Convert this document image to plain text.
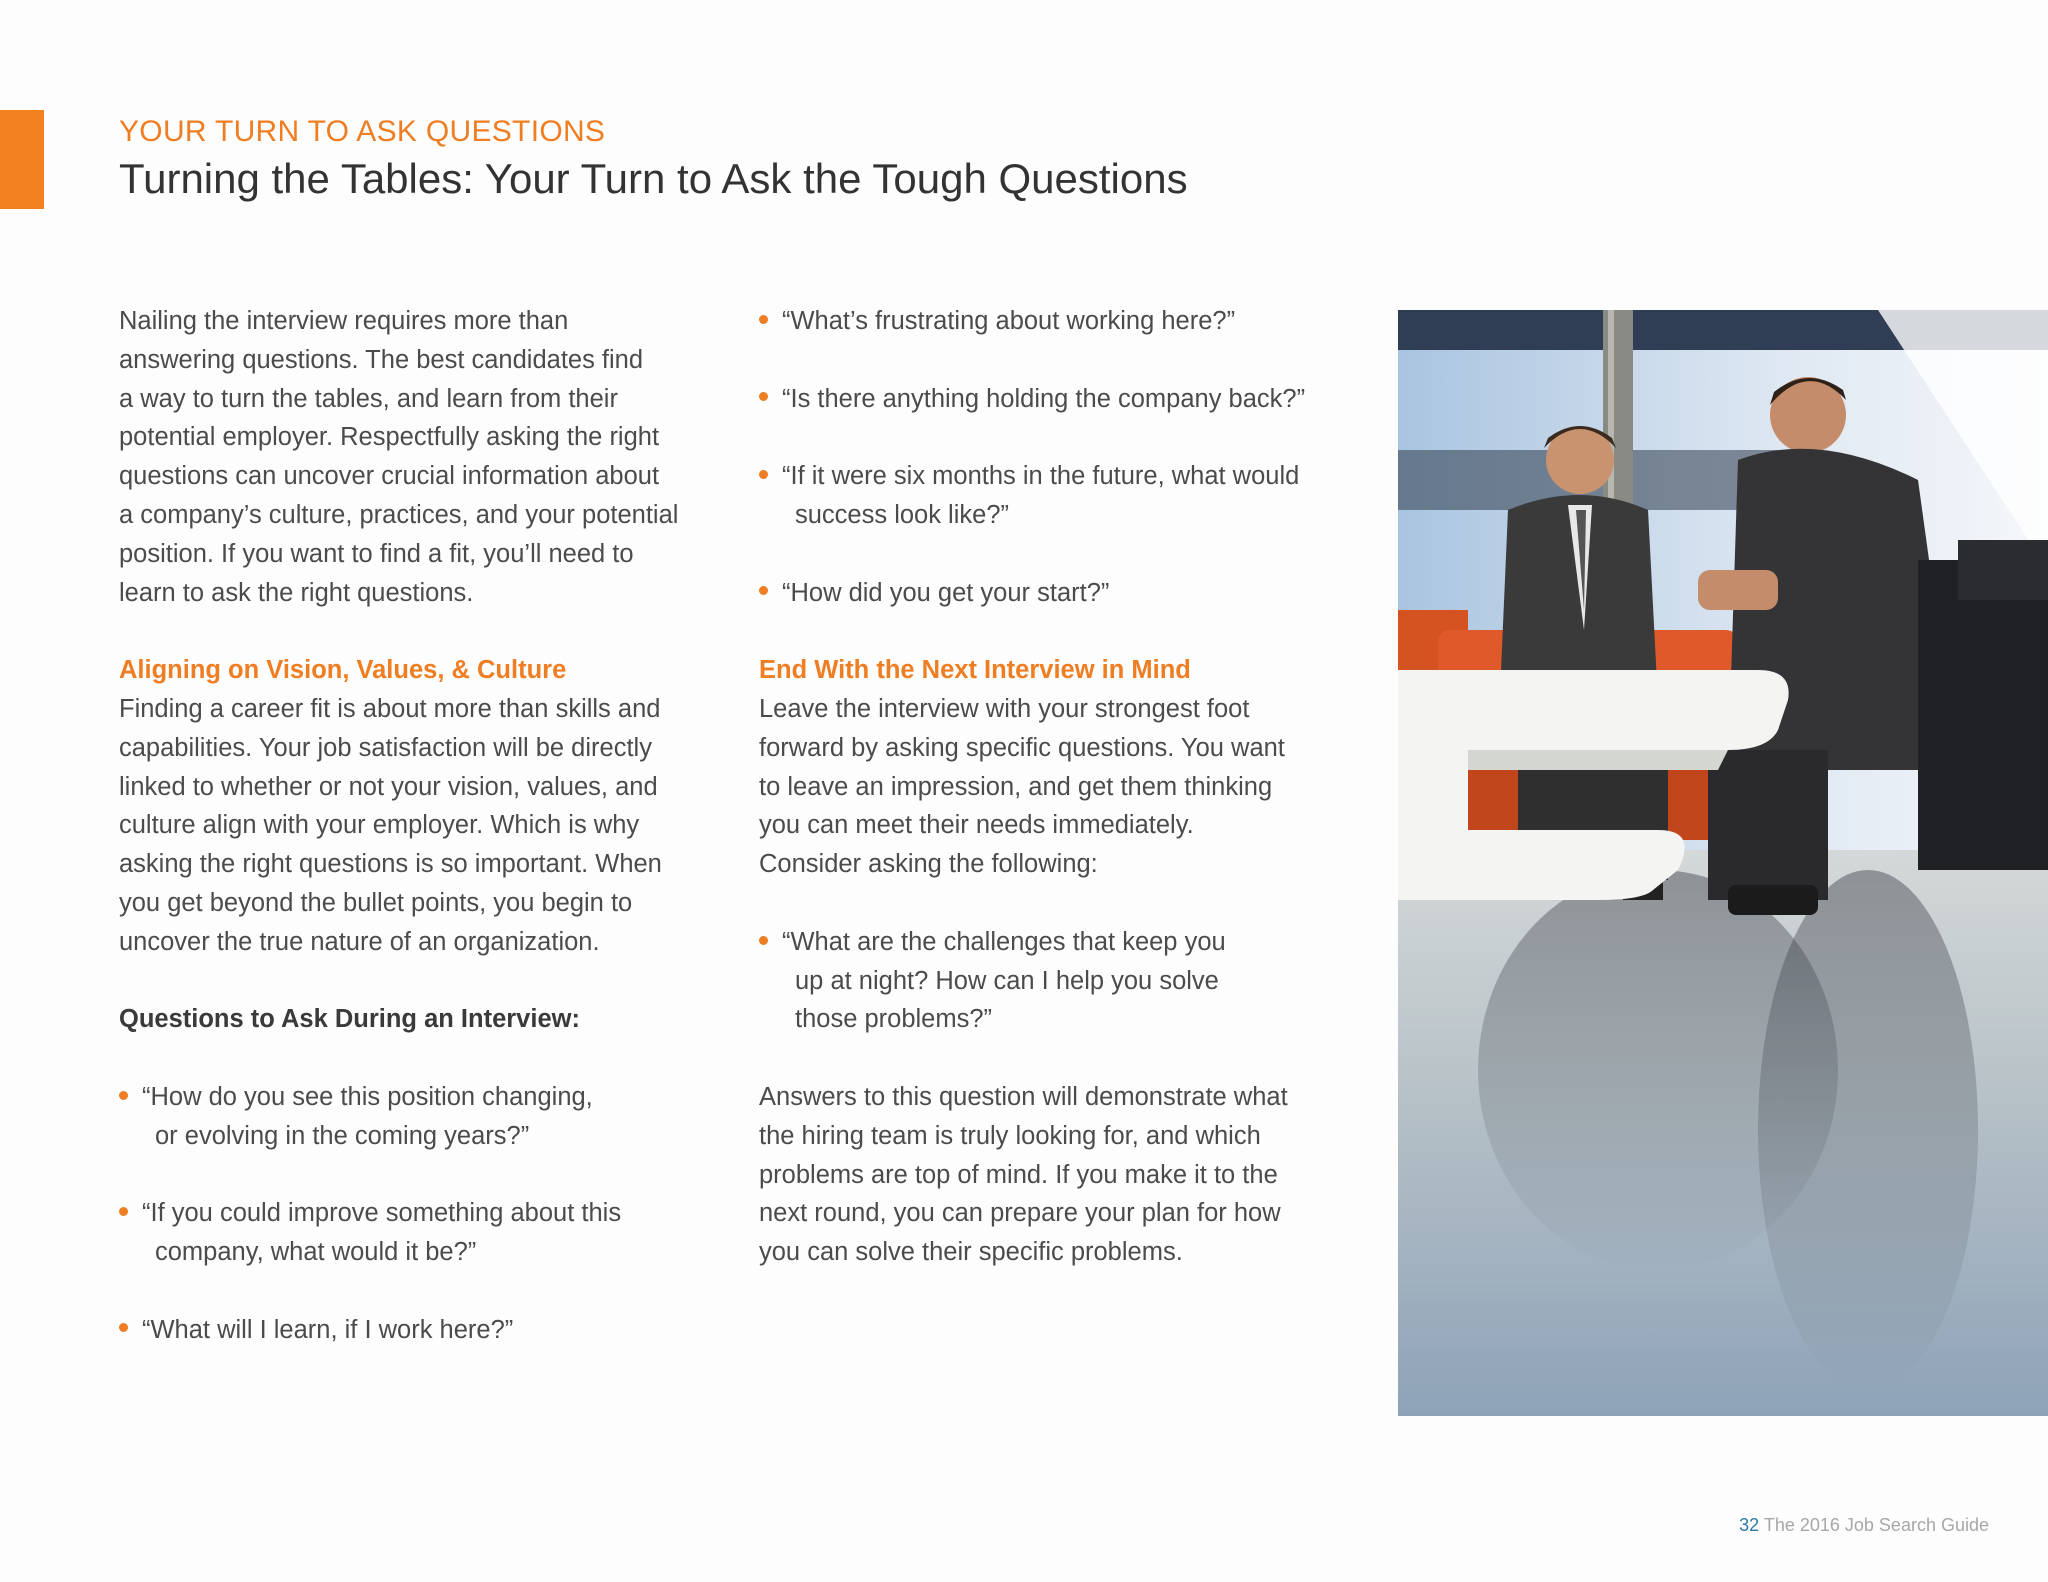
YOUR TURN TO ASK QUESTIONS
Turning the Tables: Your Turn to Ask the Tough Questions

Nailing the interview requires more than

answering questions. The best candidates find

a way to turn the tables, and learn from their

potential employer. Respectfully asking the right

questions can uncover crucial information about

a company’s culture, practices, and your potential

position. If you want to find a fit, you’ll need to

learn to ask the right questions.

Aligning on Vision, Values, & Culture

Finding a career fit is about more than skills and

capabilities. Your job satisfaction will be directly

linked to whether or not your vision, values, and

culture align with your employer. Which is why

asking the right questions is so important. When

you get beyond the bullet points, you begin to

uncover the true nature of an organization.

Questions to Ask During an Interview:

“How do you see this position changing,
or evolving in the coming years?”
“If you could improve something about this
company, what would it be?”
“What will I learn, if I work here?”
“What’s frustrating about working here?”
“Is there anything holding the company back?”
“If it were six months in the future, what would
success look like?”
“How did you get your start?”

End With the Next Interview in Mind

Leave the interview with your strongest foot

forward by asking specific questions. You want

to leave an impression, and get them thinking

you can meet their needs immediately.

Consider asking the following:

“What are the challenges that keep you
up at night? How can I help you solve
those problems?”

Answers to this question will demonstrate what

the hiring team is truly looking for, and which

problems are top of mind. If you make it to the

next round, you can prepare your plan for how

you can solve their specific problems.

32 The 2016 Job Search Guide
